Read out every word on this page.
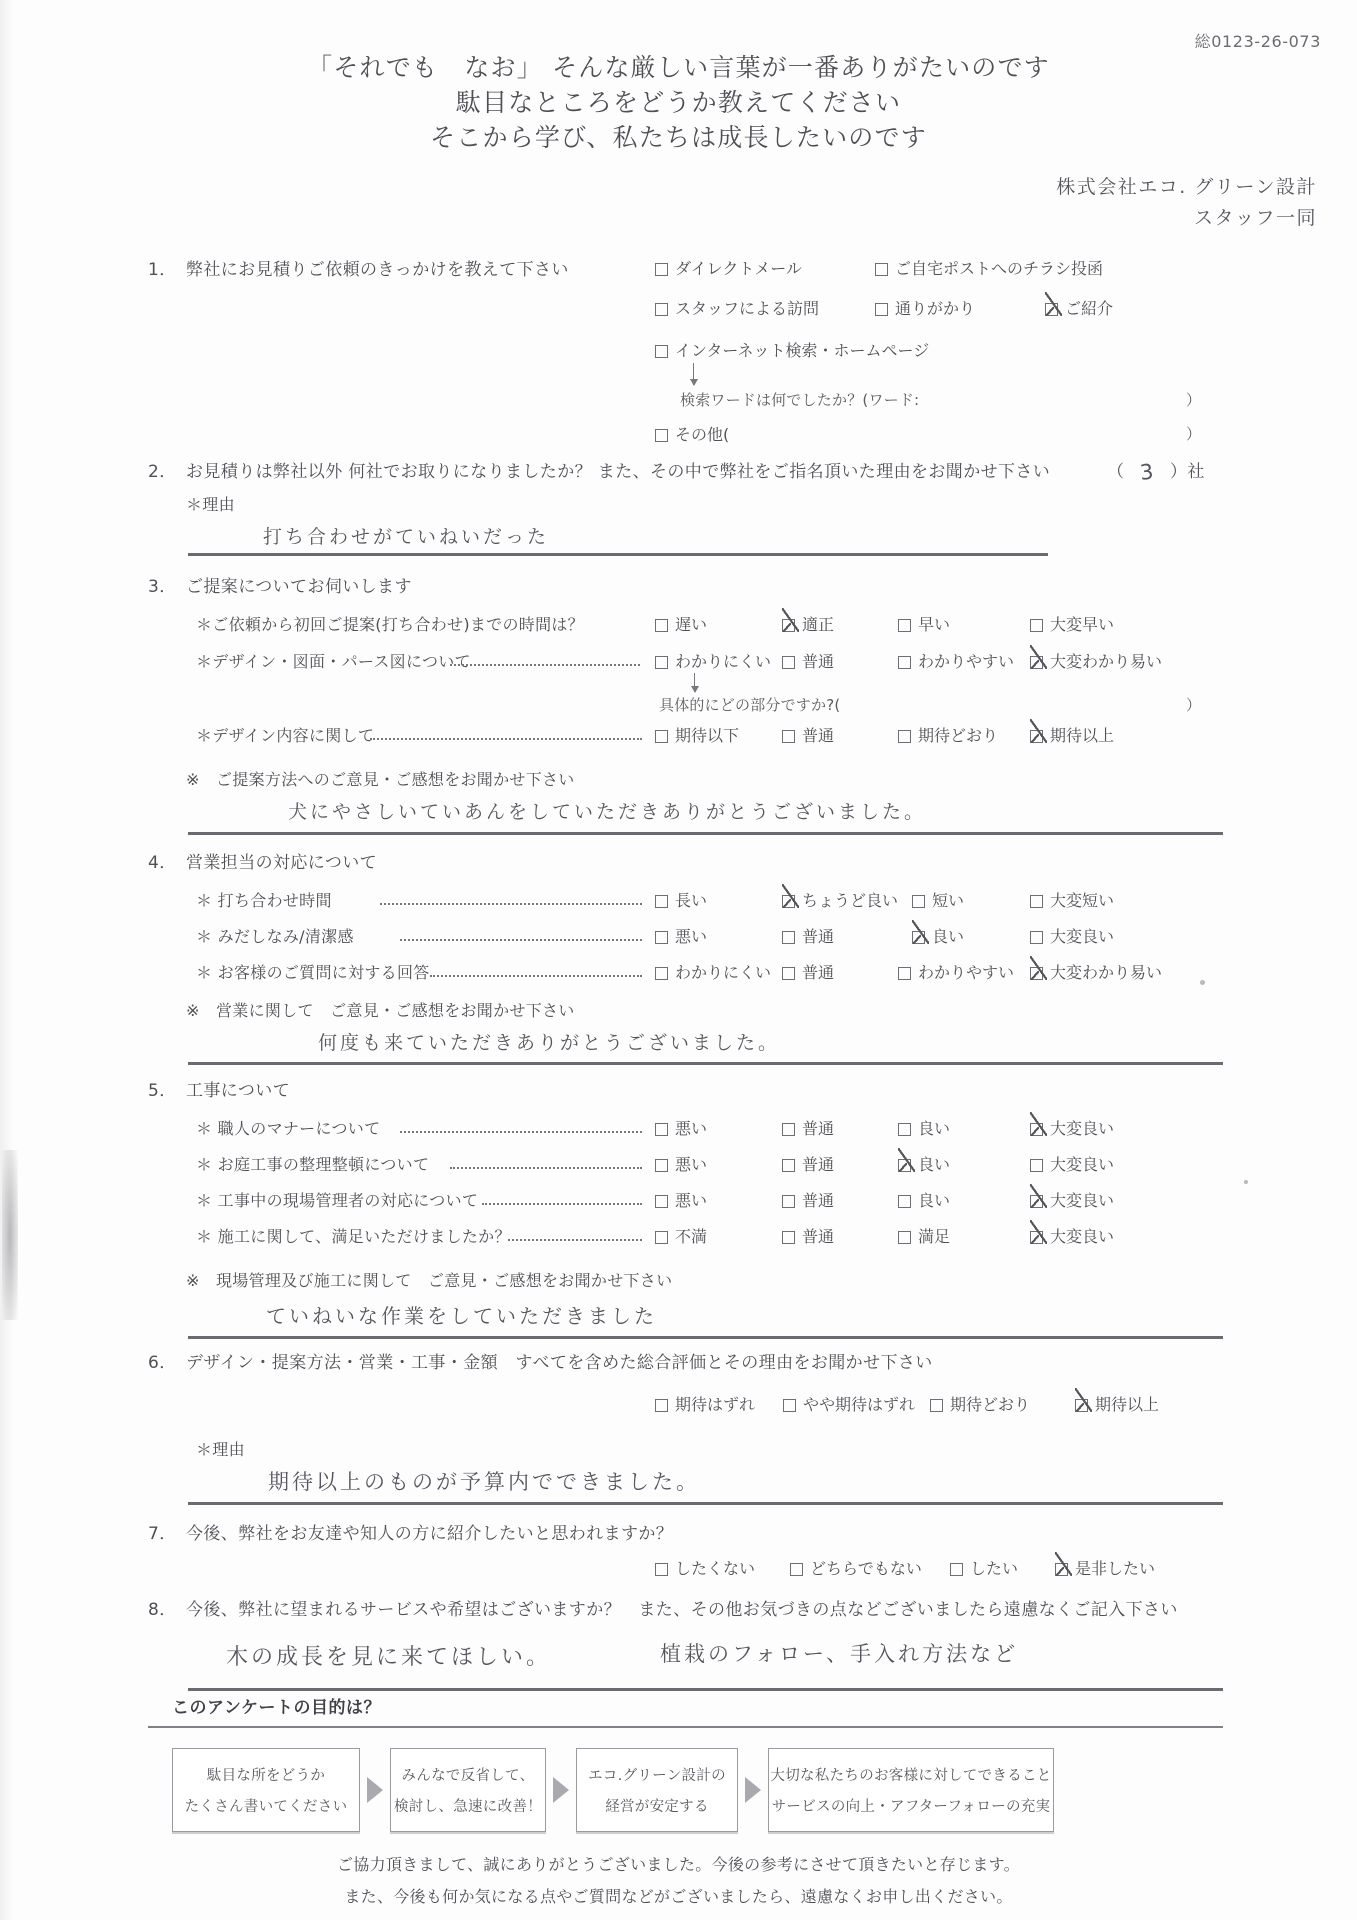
総0123-26-073
「それでも　なお」 そんな厳しい言葉が一番ありがたいのです
駄目なところをどうか教えてください
そこから学び、私たちは成長したいのです
株式会社エコ. グリーン設計
スタッフ一同
1． 弊社にお見積りご依頼のきっかけを教えて下さい	ダイレクトメール	ご自宅ポストへのチラシ投函
スタッフによる訪問	通りがかり	ご紹介
インターネット検索・ホームページ
検索ワードは何でしたか？(ワード:	）
その他(	）
2． お見積りは弊社以外 何社でお取りになりましたか？ また、その中で弊社をご指名頂いた理由をお聞かせ下さい	（ 3 ）社
＊理由
打ち合わせがていねいだった
3． ご提案についてお伺いします
＊ご依頼から初回ご提案(打ち合わせ)までの時間は？	遅い	適正	早い	大変早い
＊デザイン・図面・パース図について	わかりにくい 普通	わかりやすい 大変わかり易い
具体的にどの部分ですか?(	）
＊デザイン内容に関して	期待以下	普通	期待どおり	期待以上
※　ご提案方法へのご意見・ご感想をお聞かせ下さい
犬にやさしいていあんをしていただきありがとうございました。
4． 営業担当の対応について
＊ 打ち合わせ時間	長い	ちょうど良い 短い	大変短い
＊ みだしなみ/清潔感	悪い	普通	良い	大変良い
＊ お客様のご質問に対する回答	わかりにくい 普通	わかりやすい 大変わかり易い
※　営業に関して　ご意見・ご感想をお聞かせ下さい
何度も来ていただきありがとうございました。
5． 工事について
＊ 職人のマナーについて	悪い	普通	良い	大変良い
＊ お庭工事の整理整頓について	悪い	普通	良い	大変良い
＊ 工事中の現場管理者の対応について	悪い	普通	良い	大変良い
＊ 施工に関して、満足いただけましたか？	不満	普通	満足	大変良い
※　現場管理及び施工に関して　ご意見・ご感想をお聞かせ下さい
ていねいな作業をしていただきました
6． デザイン・提案方法・営業・工事・金額　すべてを含めた総合評価とその理由をお聞かせ下さい
期待はずれ	やや期待はずれ 期待どおり	期待以上
＊理由
期待以上のものが予算内でできました。
7． 今後、弊社をお友達や知人の方に紹介したいと思われますか？
したくない	どちらでもない	したい	是非したい
8． 今後、弊社に望まれるサービスや希望はございますか？　また、その他お気づきの点などございましたら遠慮なくご記入下さい
木の成長を見に来てほしい。	植栽のフォロー、手入れ方法など
このアンケートの目的は？
駄目な所をどうか
たくさん書いてください
みんなで反省して、
検討し、急速に改善！
エコ.グリーン設計の
経営が安定する
大切な私たちのお客様に対してできること
サービスの向上・アフターフォローの充実
ご協力頂きまして、誠にありがとうございました。今後の参考にさせて頂きたいと存じます。
また、今後も何か気になる点やご質問などがございましたら、遠慮なくお申し出ください。
